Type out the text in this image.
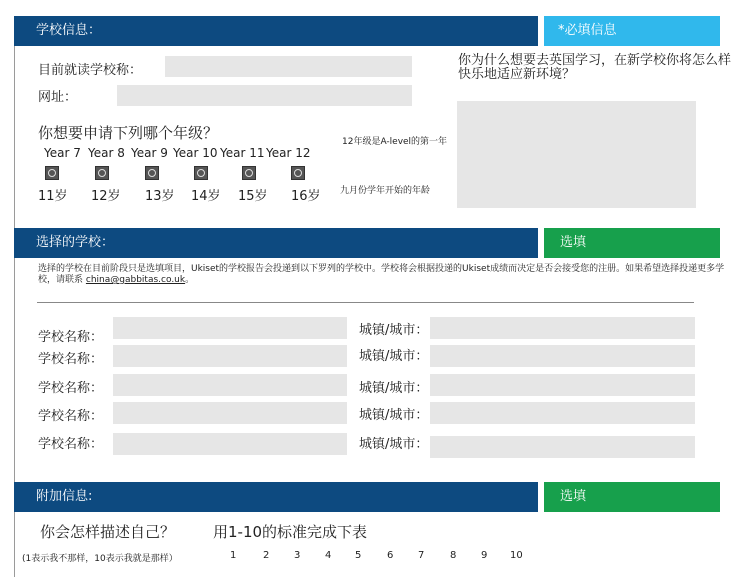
学校信息：	*必填信息
目前就读学校称：
网址：
你为什么想要去英国学习，在新学校你将怎么样快乐地适应新环境？
你想要申请下列哪个年级？
Year 7 Year 8 Year 9 Year 10 Year 11 Year 12
11岁 12岁 13岁 14岁 15岁 16岁
12年级是A-level的第一年
九月份学年开始的年龄
选择的学校：	选填
选择的学校在目前阶段只是选填项目，Ukiset的学校报告会投递到以下罗列的学校中。学校将会根据投递的Ukiset成绩而决定是否会接受您的注册。如果希望选择投递更多学校，请联系 china@gabbitas.co.uk。
学校名称：	城镇/城市：
学校名称：	城镇/城市：
学校名称：	城镇/城市：
学校名称：	城镇/城市：
学校名称：	城镇/城市：
附加信息:	选填
你会怎样描述自己？	用1-10的标准完成下表
(1表示我不那样，10表示我就是那样）	1	2 3 4 5	6 7	8 9 10
